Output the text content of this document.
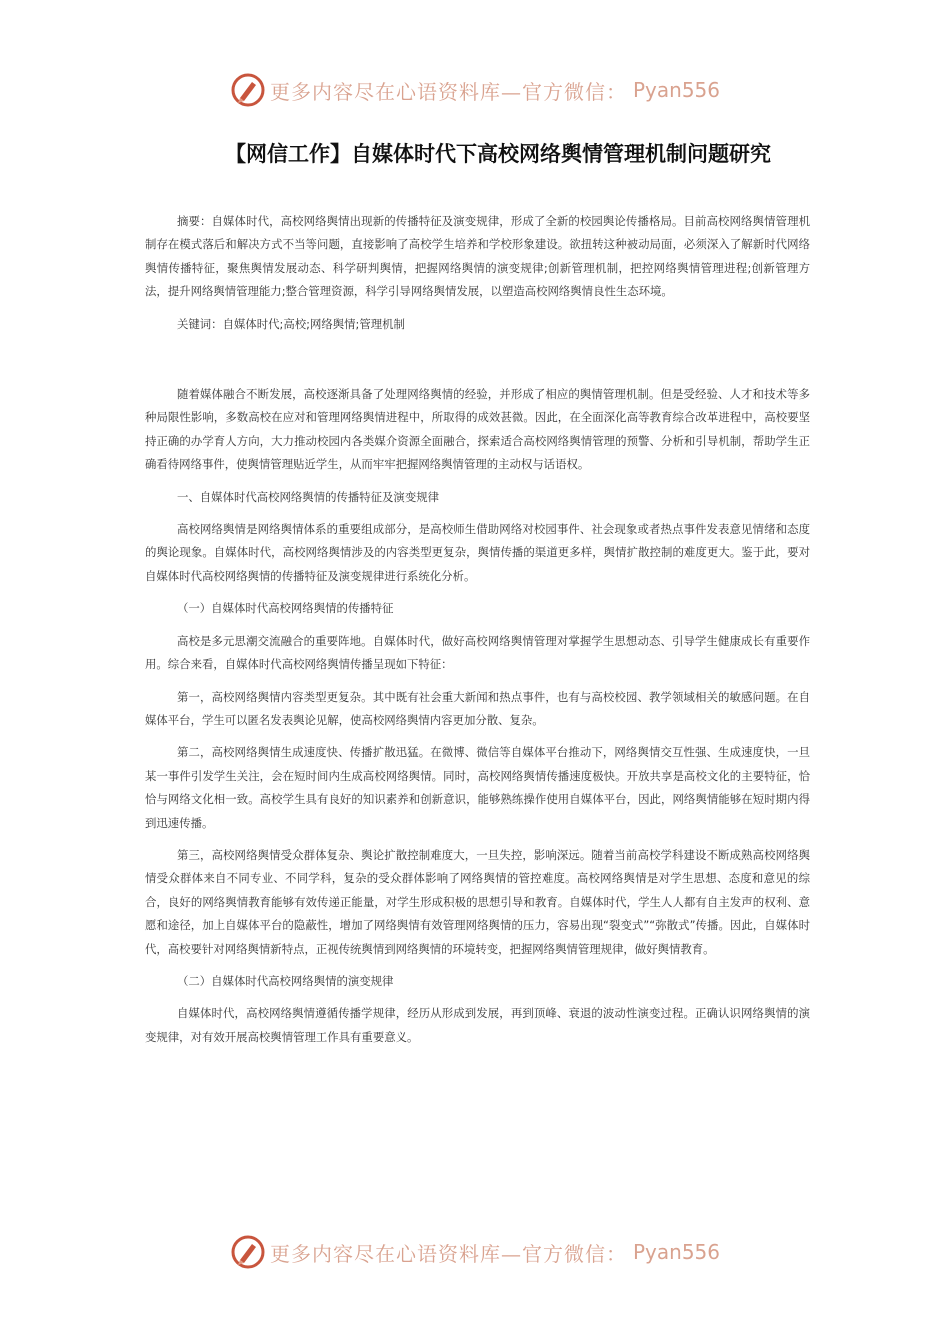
更多内容尽在心语资料库—官方微信： Pyan556
【网信工作】自媒体时代下高校网络舆情管理机制问题研究

摘要：自媒体时代，高校网络舆情出现新的传播特征及演变规律，形成了全新的校园舆论传播格局。目前高校网络舆情管理机制存在模式落后和解决方式不当等问题，直接影响了高校学生培养和学校形象建设。欲扭转这种被动局面，必须深入了解新时代网络舆情传播特征，聚焦舆情发展动态、科学研判舆情，把握网络舆情的演变规律;创新管理机制，把控网络舆情管理进程;创新管理方法，提升网络舆情管理能力;整合管理资源，科学引导网络舆情发展，以塑造高校网络舆情良性生态环境。

关键词：自媒体时代;高校;网络舆情;管理机制

随着媒体融合不断发展，高校逐渐具备了处理网络舆情的经验，并形成了相应的舆情管理机制。但是受经验、人才和技术等多种局限性影响，多数高校在应对和管理网络舆情进程中，所取得的成效甚微。因此，在全面深化高等教育综合改革进程中，高校要坚持正确的办学育人方向，大力推动校园内各类媒介资源全面融合，探索适合高校网络舆情管理的预警、分析和引导机制，帮助学生正确看待网络事件，使舆情管理贴近学生，从而牢牢把握网络舆情管理的主动权与话语权。

一、自媒体时代高校网络舆情的传播特征及演变规律

高校网络舆情是网络舆情体系的重要组成部分，是高校师生借助网络对校园事件、社会现象或者热点事件发表意见情绪和态度的舆论现象。自媒体时代，高校网络舆情涉及的内容类型更复杂，舆情传播的渠道更多样，舆情扩散控制的难度更大。鉴于此，要对自媒体时代高校网络舆情的传播特征及演变规律进行系统化分析。

（一）自媒体时代高校网络舆情的传播特征

高校是多元思潮交流融合的重要阵地。自媒体时代，做好高校网络舆情管理对掌握学生思想动态、引导学生健康成长有重要作用。综合来看，自媒体时代高校网络舆情传播呈现如下特征：

第一，高校网络舆情内容类型更复杂。其中既有社会重大新闻和热点事件，也有与高校校园、教学领域相关的敏感问题。在自媒体平台，学生可以匿名发表舆论见解，使高校网络舆情内容更加分散、复杂。

第二，高校网络舆情生成速度快、传播扩散迅猛。在微博、微信等自媒体平台推动下，网络舆情交互性强、生成速度快，一旦某一事件引发学生关注，会在短时间内生成高校网络舆情。同时，高校网络舆情传播速度极快。开放共享是高校文化的主要特征，恰恰与网络文化相一致。高校学生具有良好的知识素养和创新意识，能够熟练操作使用自媒体平台，因此，网络舆情能够在短时期内得到迅速传播。

第三，高校网络舆情受众群体复杂、舆论扩散控制难度大，一旦失控，影响深远。随着当前高校学科建设不断成熟高校网络舆情受众群体来自不同专业、不同学科，复杂的受众群体影响了网络舆情的管控难度。高校网络舆情是对学生思想、态度和意见的综合，良好的网络舆情教育能够有效传递正能量，对学生形成积极的思想引导和教育。自媒体时代，学生人人都有自主发声的权利、意愿和途径，加上自媒体平台的隐蔽性，增加了网络舆情有效管理网络舆情的压力，容易出现“裂变式”“弥散式”传播。因此，自媒体时代，高校要针对网络舆情新特点，正视传统舆情到网络舆情的环境转变，把握网络舆情管理规律，做好舆情教育。

（二）自媒体时代高校网络舆情的演变规律

自媒体时代，高校网络舆情遵循传播学规律，经历从形成到发展，再到顶峰、衰退的波动性演变过程。正确认识网络舆情的演变规律，对有效开展高校舆情管理工作具有重要意义。

更多内容尽在心语资料库—官方微信： Pyan556
